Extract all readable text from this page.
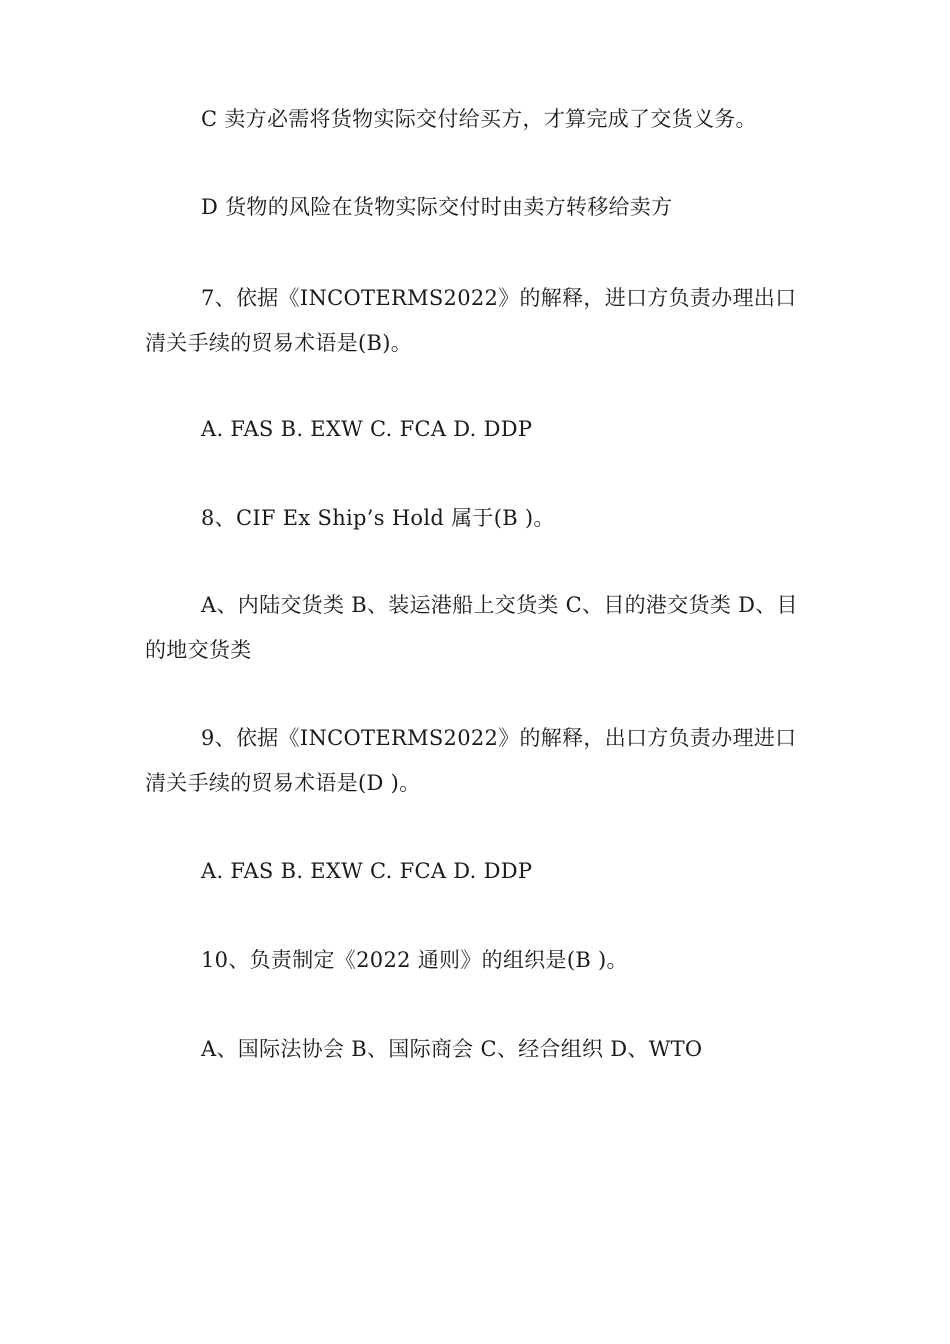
C 卖方必需将货物实际交付给买方，才算完成了交货义务。

D 货物的风险在货物实际交付时由卖方转移给卖方

7、依据《INCOTERMS2022》的解释，进口方负责办理出口清关手续的贸易术语是(B)。

A. FAS B. EXW C. FCA D. DDP

8、CIF Ex Ship’s Hold 属于(B )。

A、内陆交货类 B、装运港船上交货类 C、目的港交货类 D、目的地交货类

9、依据《INCOTERMS2022》的解释，出口方负责办理进口清关手续的贸易术语是(D )。

A. FAS B. EXW C. FCA D. DDP

10、负责制定《2022 通则》的组织是(B )。

A、国际法协会 B、国际商会 C、经合组织 D、WTO
